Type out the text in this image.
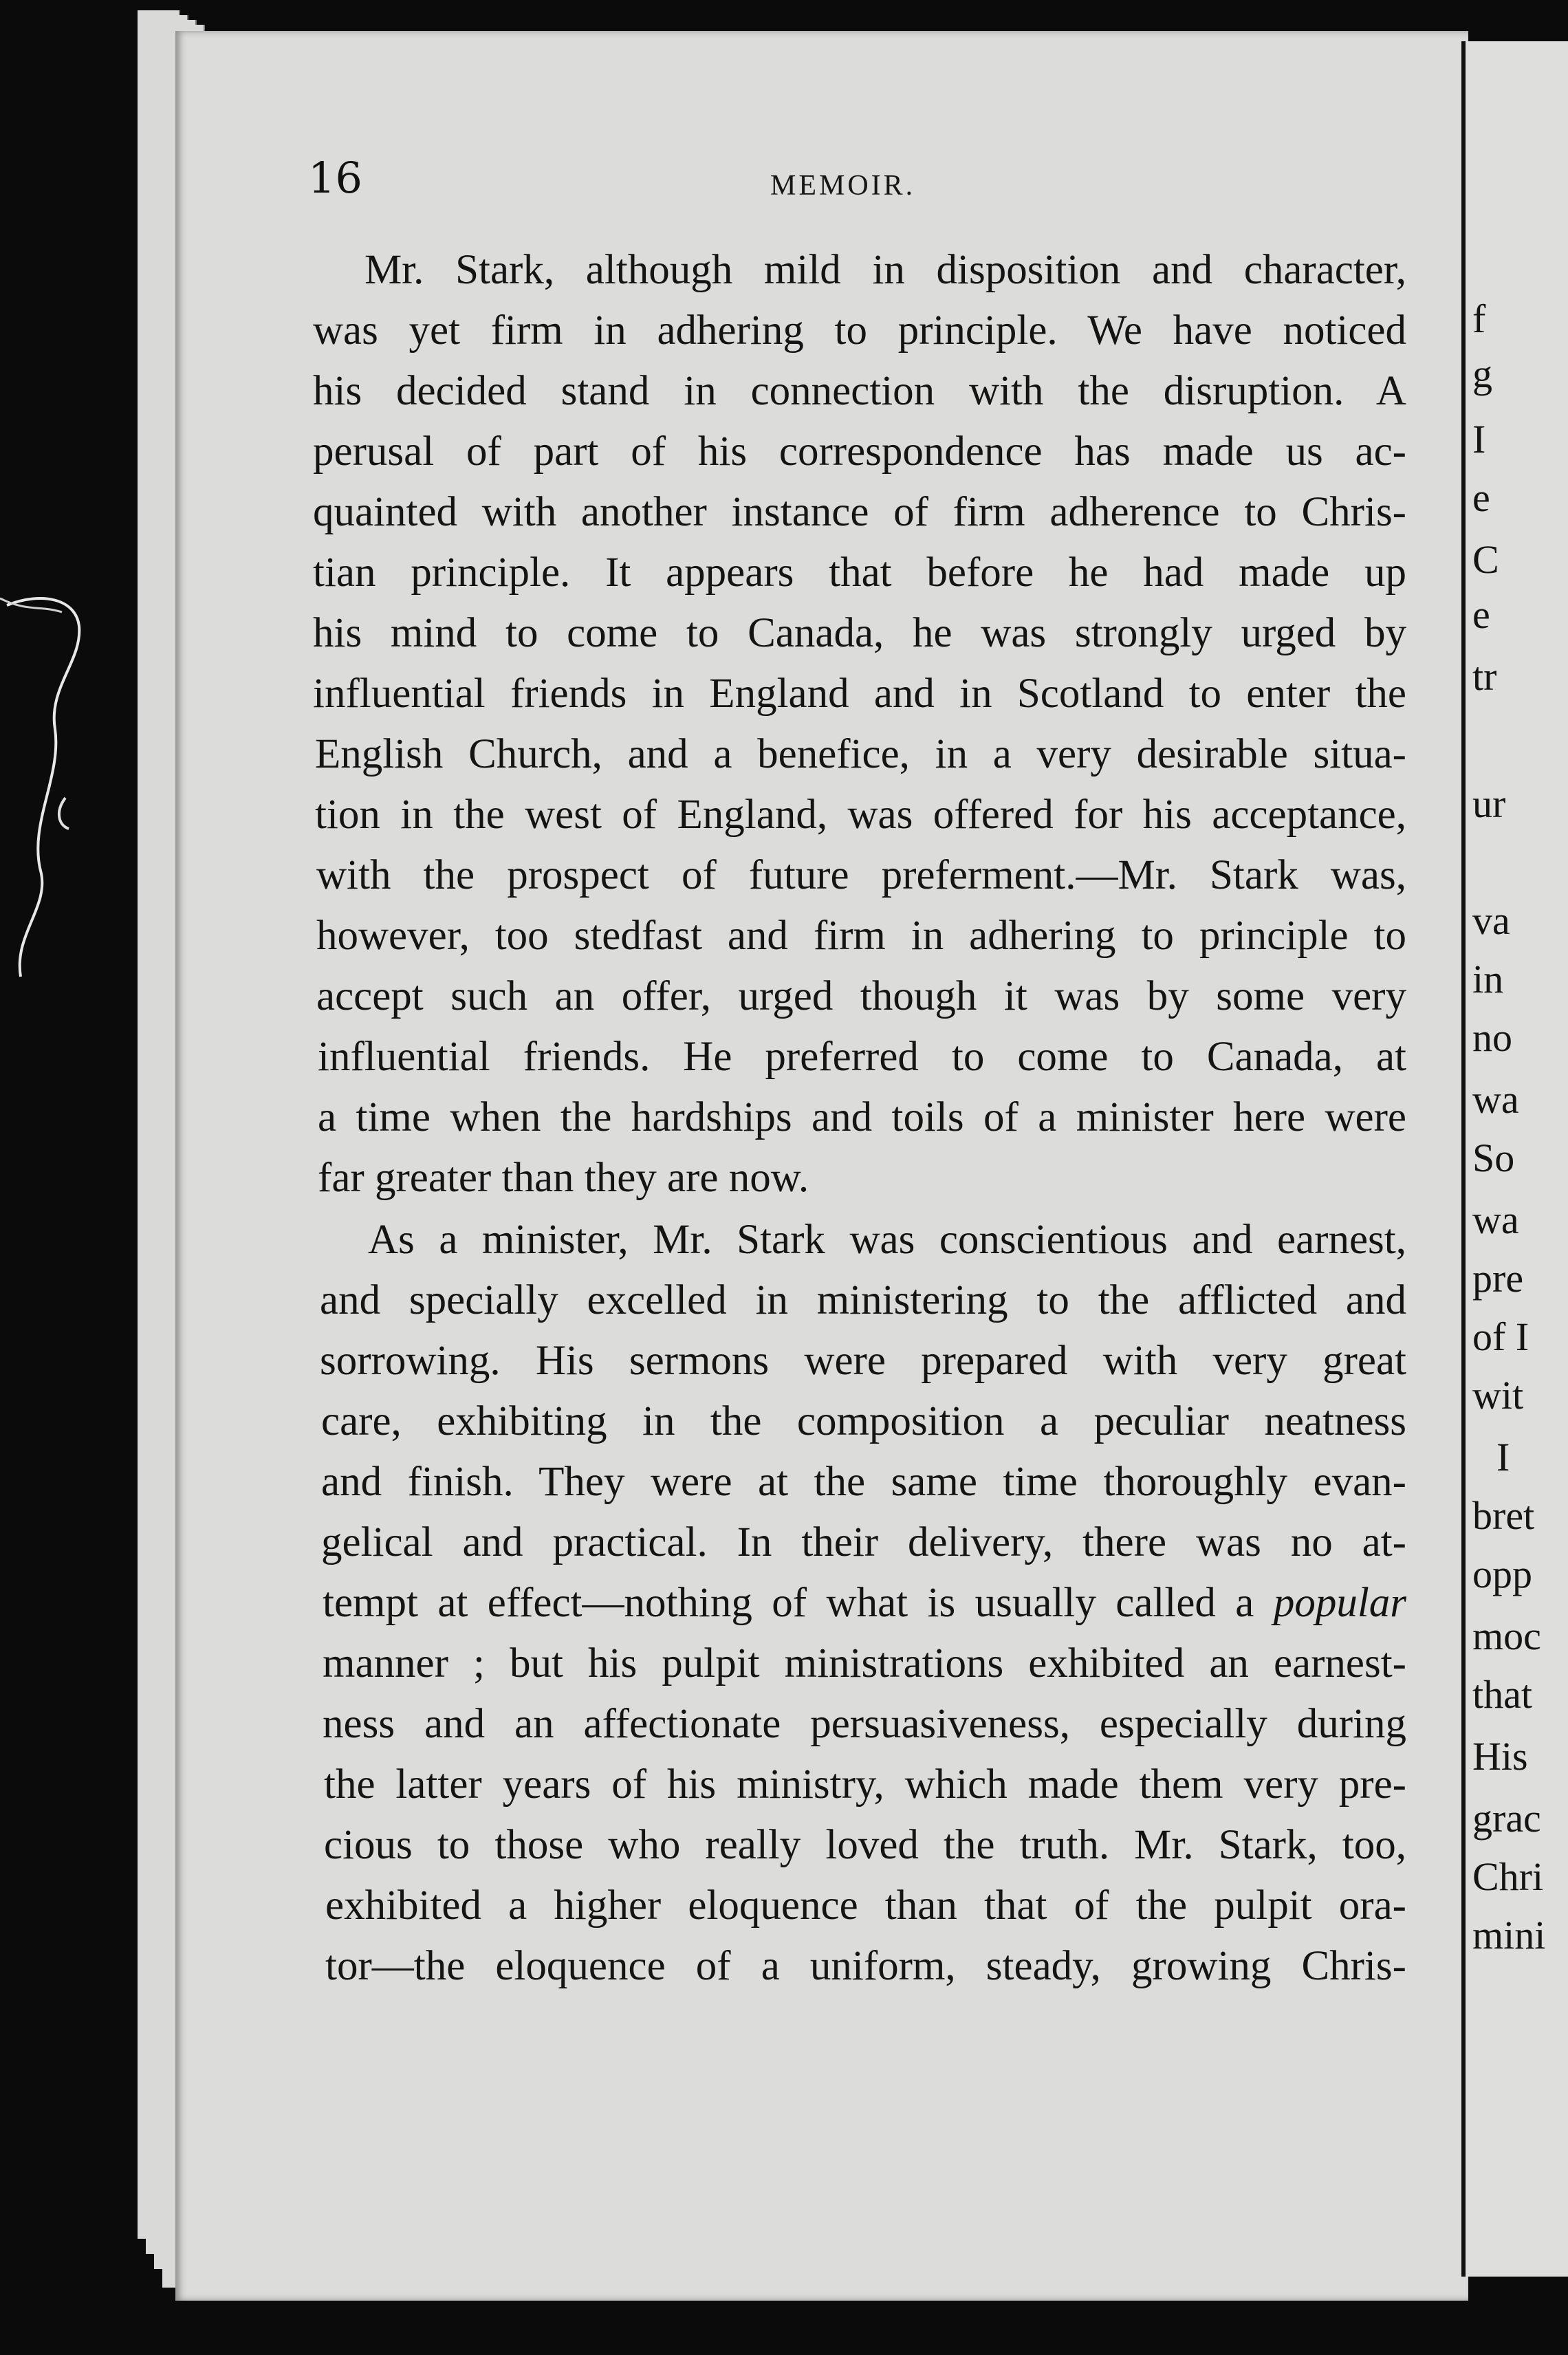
16	MEMOIR.
Mr. Stark, although mild in disposition and character,
was yet firm in adhering to principle. We have noticed
his decided stand in connection with the disruption. A
perusal of part of his correspondence has made us ac-
quainted with another instance of firm adherence to Chris-
tian principle. It appears that before he had made up
his mind to come to Canada, he was strongly urged by
influential friends in England and in Scotland to enter the
English Church, and a benefice, in a very desirable situa-
tion in the west of England, was offered for his acceptance,
with the prospect of future preferment.—Mr. Stark was,
however, too stedfast and firm in adhering to principle to
accept such an offer, urged though it was by some very
influential friends. He preferred to come to Canada, at
a time when the hardships and toils of a minister here were
far greater than they are now.
As a minister, Mr. Stark was conscientious and earnest,
and specially excelled in ministering to the afflicted and
sorrowing. His sermons were prepared with very great
care, exhibiting in the composition a peculiar neatness
and finish. They were at the same time thoroughly evan-
gelical and practical. In their delivery, there was no at-
tempt at effect—nothing of what is usually called a popular
manner ; but his pulpit ministrations exhibited an earnest-
ness and an affectionate persuasiveness, especially during
the latter years of his ministry, which made them very pre-
cious to those who really loved the truth. Mr. Stark, too,
exhibited a higher eloquence than that of the pulpit ora-
tor—the eloquence of a uniform, steady, growing Chris-
f
g
I
e
C
e
tr
ur
va
in
no
wa
So
wa
pre
of I
wit
I
bret
opp
moc
that
His
grac
Chri
mini
